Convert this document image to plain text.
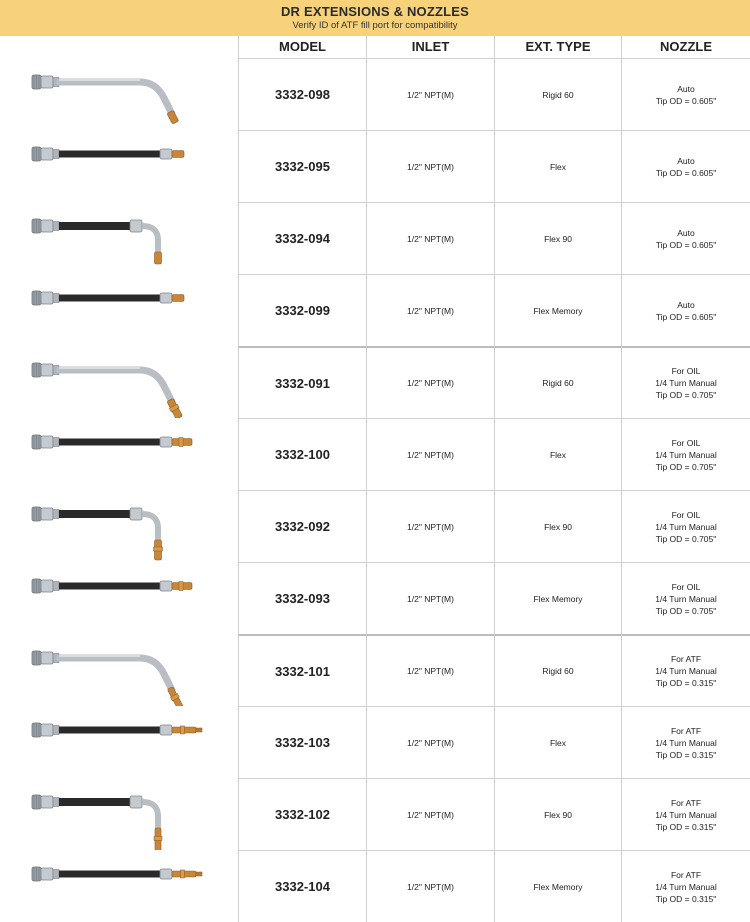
DR EXTENSIONS & NOZZLES
Verify ID of ATF fill port for compatibility
MODEL	INLET	EXT. TYPE	NOZZLE
3332-098	1/2" NPT(M)	Rigid 60
Auto
Tip OD = 0.605"
3332-095	1/2" NPT(M)	Flex
Auto
Tip OD = 0.605"
3332-094	1/2" NPT(M)	Flex 90
Auto
Tip OD = 0.605"
3332-099	1/2" NPT(M)	Flex Memory
Auto
Tip OD = 0.605"
3332-091	1/2" NPT(M)	Rigid 60
For OIL
1/4 Turn Manual
Tip OD = 0.705"
3332-100	1/2" NPT(M)	Flex
For OIL
1/4 Turn Manual
Tip OD = 0.705"
3332-092	1/2" NPT(M)	Flex 90
For OIL
1/4 Turn Manual
Tip OD = 0.705"
3332-093	1/2" NPT(M)	Flex Memory
For OIL
1/4 Turn Manual
Tip OD = 0.705"
3332-101	1/2" NPT(M)	Rigid 60
For ATF
1/4 Turn Manual
Tip OD = 0.315"
3332-103	1/2" NPT(M)	Flex
For ATF
1/4 Turn Manual
Tip OD = 0.315"
3332-102	1/2" NPT(M)	Flex 90
For ATF
1/4 Turn Manual
Tip OD = 0.315"
3332-104	1/2" NPT(M)	Flex Memory
For ATF
1/4 Turn Manual
Tip OD = 0.315"
